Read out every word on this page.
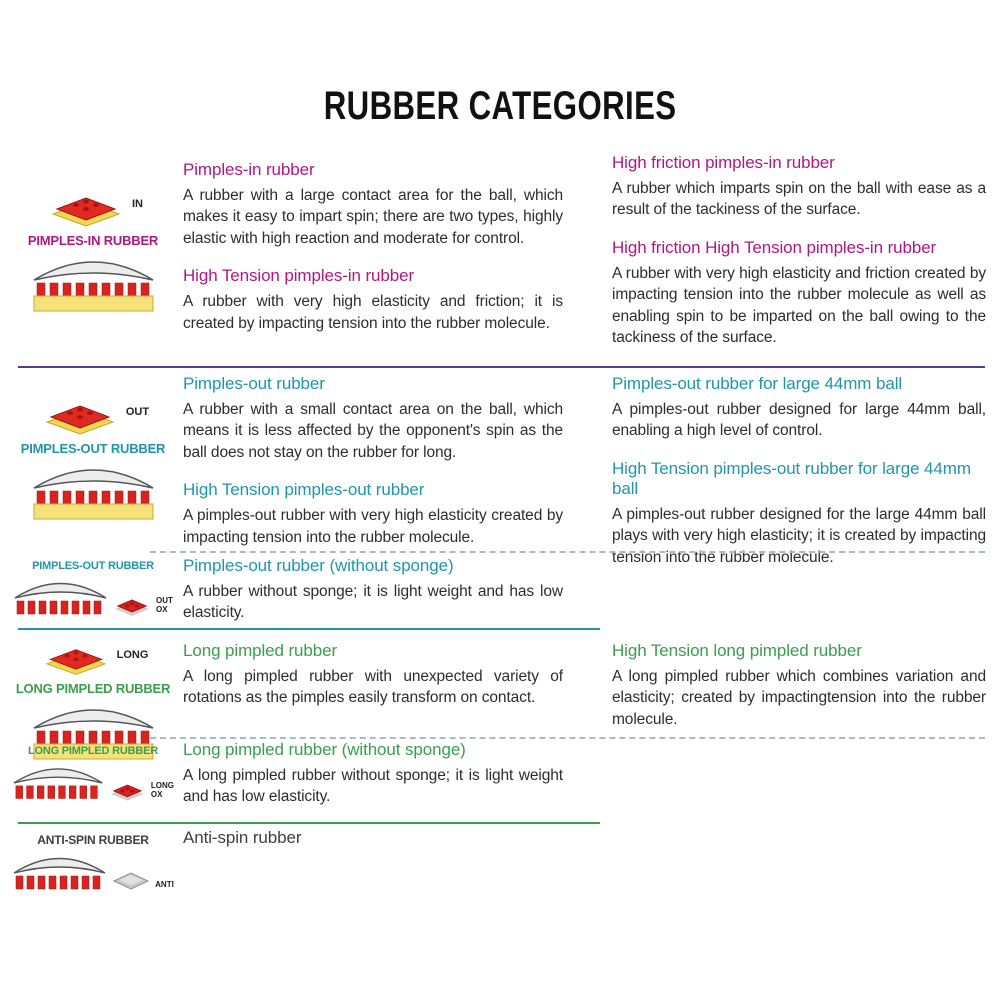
RUBBER CATEGORIES
IN
PIMPLES-IN RUBBER

Pimples-in rubber

A rubber with a large contact area for the ball, which makes it easy to impart spin; there are two types, highly elastic with high reaction and moderate for control.

High Tension pimples-in rubber

A rubber with very high elasticity and friction; it is created by impacting tension into the rubber molecule.

High friction pimples-in rubber

A rubber which imparts spin on the ball with ease as a result of the tackiness of the surface.

High friction High Tension pimples-in rubber

A rubber with very high elasticity and friction created by impacting tension into the rubber molecule as well as enabling spin to be imparted on the ball owing to the tackiness of the surface.

OUT
PIMPLES-OUT RUBBER

Pimples-out rubber

A rubber with a small contact area on the ball, which means it is less affected by the opponent's spin as the ball does not stay on the rubber for long.

High Tension pimples-out rubber

A pimples-out rubber with very high elasticity created by impacting tension into the rubber molecule.

Pimples-out rubber for large 44mm ball

A pimples-out rubber designed for large 44mm ball, enabling a high level of control.

High Tension pimples-out rubber for large 44mm ball

A pimples-out rubber designed for the large 44mm ball plays with very high elasticity; it is created by impacting tension into the rubber molecule.

PIMPLES-OUT RUBBER
OUT
OX

Pimples-out rubber (without sponge)

A rubber without sponge; it is light weight and has low elasticity.

LONG
LONG PIMPLED RUBBER

Long pimpled rubber

A long pimpled rubber with unexpected variety of rotations as the pimples easily transform on contact.

High Tension long pimpled rubber

A long pimpled rubber which combines variation and elasticity; created by impactingtension into the rubber molecule.

LONG PIMPLED RUBBER
LONG
OX

Long pimpled rubber (without sponge)

A long pimpled rubber without sponge; it is light weight and has low elasticity.

ANTI-SPIN RUBBER
ANTI

Anti-spin rubber
